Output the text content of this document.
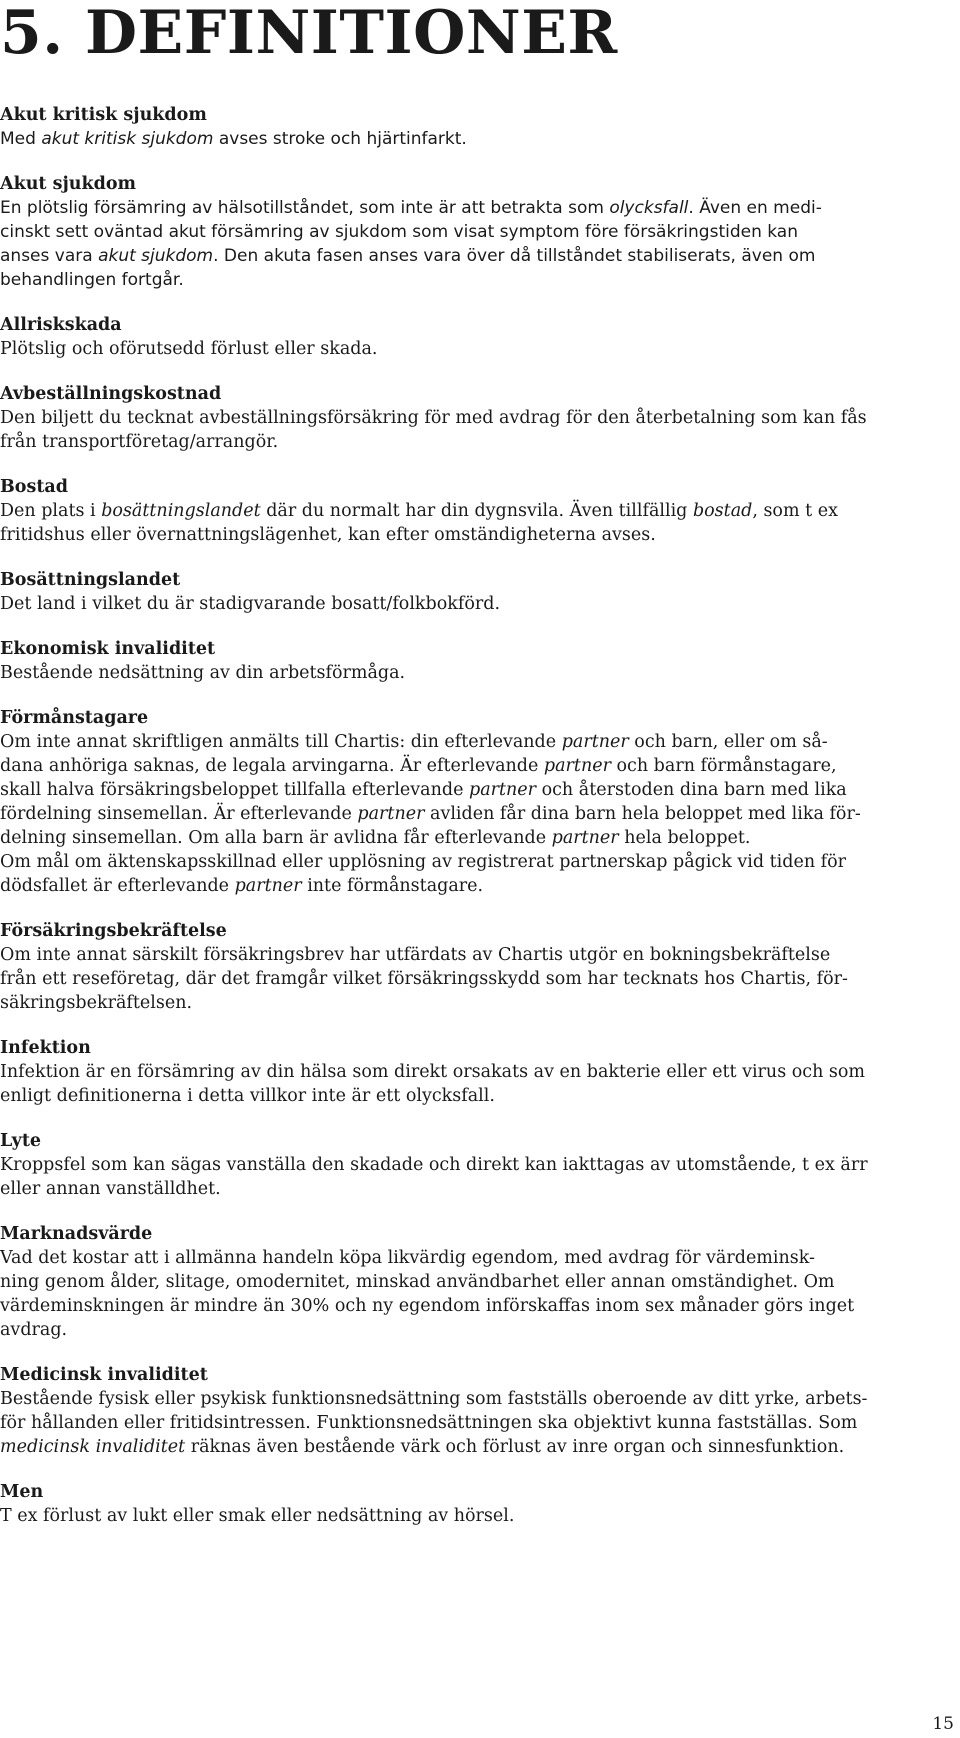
5. DEFINITIONER
Akut kritisk sjukdom

Med akut kritisk sjukdom avses stroke och hjärtinfarkt.

Akut sjukdom

En plötslig försämring av hälsotillståndet, som inte är att betrakta som olycksfall. Även en medi-
cinskt sett oväntad akut försämring av sjukdom som visat symptom före försäkringstiden kan
anses vara akut sjukdom. Den akuta fasen anses vara över då tillståndet stabiliserats, även om
behandlingen fortgår.

Allriskskada

Plötslig och oförutsedd förlust eller skada.

Avbeställningskostnad

Den biljett du tecknat avbeställningsförsäkring för med avdrag för den återbetalning som kan fås
från transportföretag/arrangör.

Bostad

Den plats i bosättningslandet där du normalt har din dygnsvila. Även tillfällig bostad, som t ex
fritidshus eller övernattningslägenhet, kan efter omständigheterna avses.

Bosättningslandet

Det land i vilket du är stadigvarande bosatt/folkbokförd.

Ekonomisk invaliditet

Bestående nedsättning av din arbetsförmåga.

Förmånstagare

Om inte annat skriftligen anmälts till Chartis: din efterlevande partner och barn, eller om så-
dana anhöriga saknas, de legala arvingarna. Är efterlevande partner och barn förmånstagare,
skall halva försäkringsbeloppet tillfalla efterlevande partner och återstoden dina barn med lika
fördelning sinsemellan. Är efterlevande partner avliden får dina barn hela beloppet med lika för-
delning sinsemellan. Om alla barn är avlidna får efterlevande partner hela beloppet.
Om mål om äktenskapsskillnad eller upplösning av registrerat partnerskap pågick vid tiden för
dödsfallet är efterlevande partner inte förmånstagare.

Försäkringsbekräftelse

Om inte annat särskilt försäkringsbrev har utfärdats av Chartis utgör en bokningsbekräftelse
från ett reseföretag, där det framgår vilket försäkringsskydd som har tecknats hos Chartis, för-
säkringsbekräftelsen.

Infektion

Infektion är en försämring av din hälsa som direkt orsakats av en bakterie eller ett virus och som
enligt definitionerna i detta villkor inte är ett olycksfall.

Lyte

Kroppsfel som kan sägas vanställa den skadade och direkt kan iakttagas av utomstående, t ex ärr
eller annan vanställdhet.

Marknadsvärde

Vad det kostar att i allmänna handeln köpa likvärdig egendom, med avdrag för värdeminsk-
ning genom ålder, slitage, omodernitet, minskad användbarhet eller annan omständighet. Om
värdeminskningen är mindre än 30% och ny egendom införskaffas inom sex månader görs inget
avdrag.

Medicinsk invaliditet

Bestående fysisk eller psykisk funktionsnedsättning som fastställs oberoende av ditt yrke, arbets-
för hållanden eller fritidsintressen. Funktionsnedsättningen ska objektivt kunna fastställas. Som
medicinsk invaliditet räknas även bestående värk och förlust av inre organ och sinnesfunktion.

Men

T ex förlust av lukt eller smak eller nedsättning av hörsel.

15
